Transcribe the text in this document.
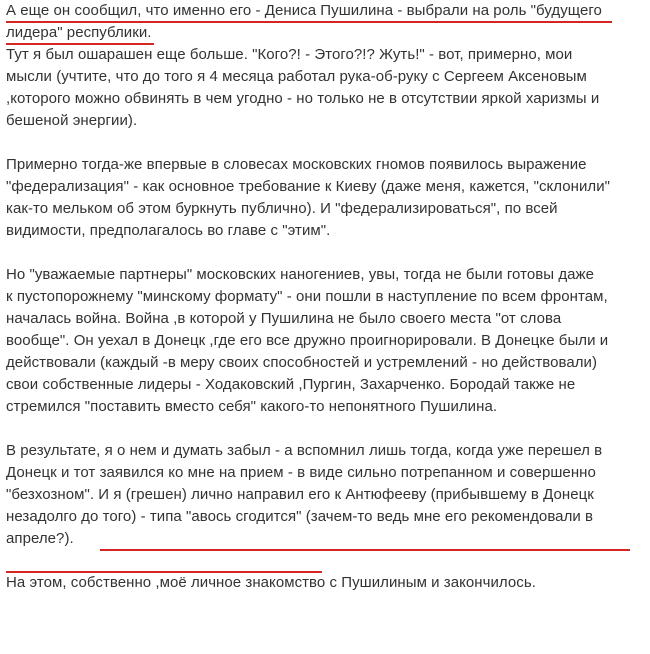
А еще он сообщил, что именно его - Дениса Пушилина - выбрали на роль "будущего
лидера" республики.
Тут я был ошарашен еще больше. "Кого?! - Этого?!? Жуть!" - вот, примерно, мои
мысли (учтите, что до того я 4 месяца работал рука-об-руку с Сергеем Аксеновым
,которого можно обвинять в чем угодно - но только не в отсутствии яркой харизмы и
бешеной энергии).
Примерно тогда-же впервые в словесах московских гномов появилось выражение
"федерализация" - как основное требование к Киеву (даже меня, кажется, "склонили"
как-то мельком об этом буркнуть публично). И "федерализироваться", по всей
видимости, предполагалось во главе с "этим".
Но "уважаемые партнеры" московских наногениев, увы, тогда не были готовы даже
к пустопорожнему "минскому формату" - они пошли в наступление по всем фронтам,
началась война. Война ,в которой у Пушилина не было своего места "от слова
вообще". Он уехал в Донецк ,где его все дружно проигнорировали. В Донецке были и
действовали (каждый -в меру своих способностей и устремлений - но действовали)
свои собственные лидеры - Ходаковский ,Пургин, Захарченко. Бородай также не
стремился "поставить вместо себя" какого-то непонятного Пушилина.
В результате, я о нем и думать забыл - а вспомнил лишь тогда, когда уже перешел в
Донецк и тот заявился ко мне на прием - в виде сильно потрепанном и совершенно
"безхозном". И я (грешен) лично направил его к Антюфееву (прибывшему в Донецк
незадолго до того) - типа "авось сгодится" (зачем-то ведь мне его рекомендовали в
апреле?).
На этом, собственно ,моё личное знакомство с Пушилиным и закончилось.
